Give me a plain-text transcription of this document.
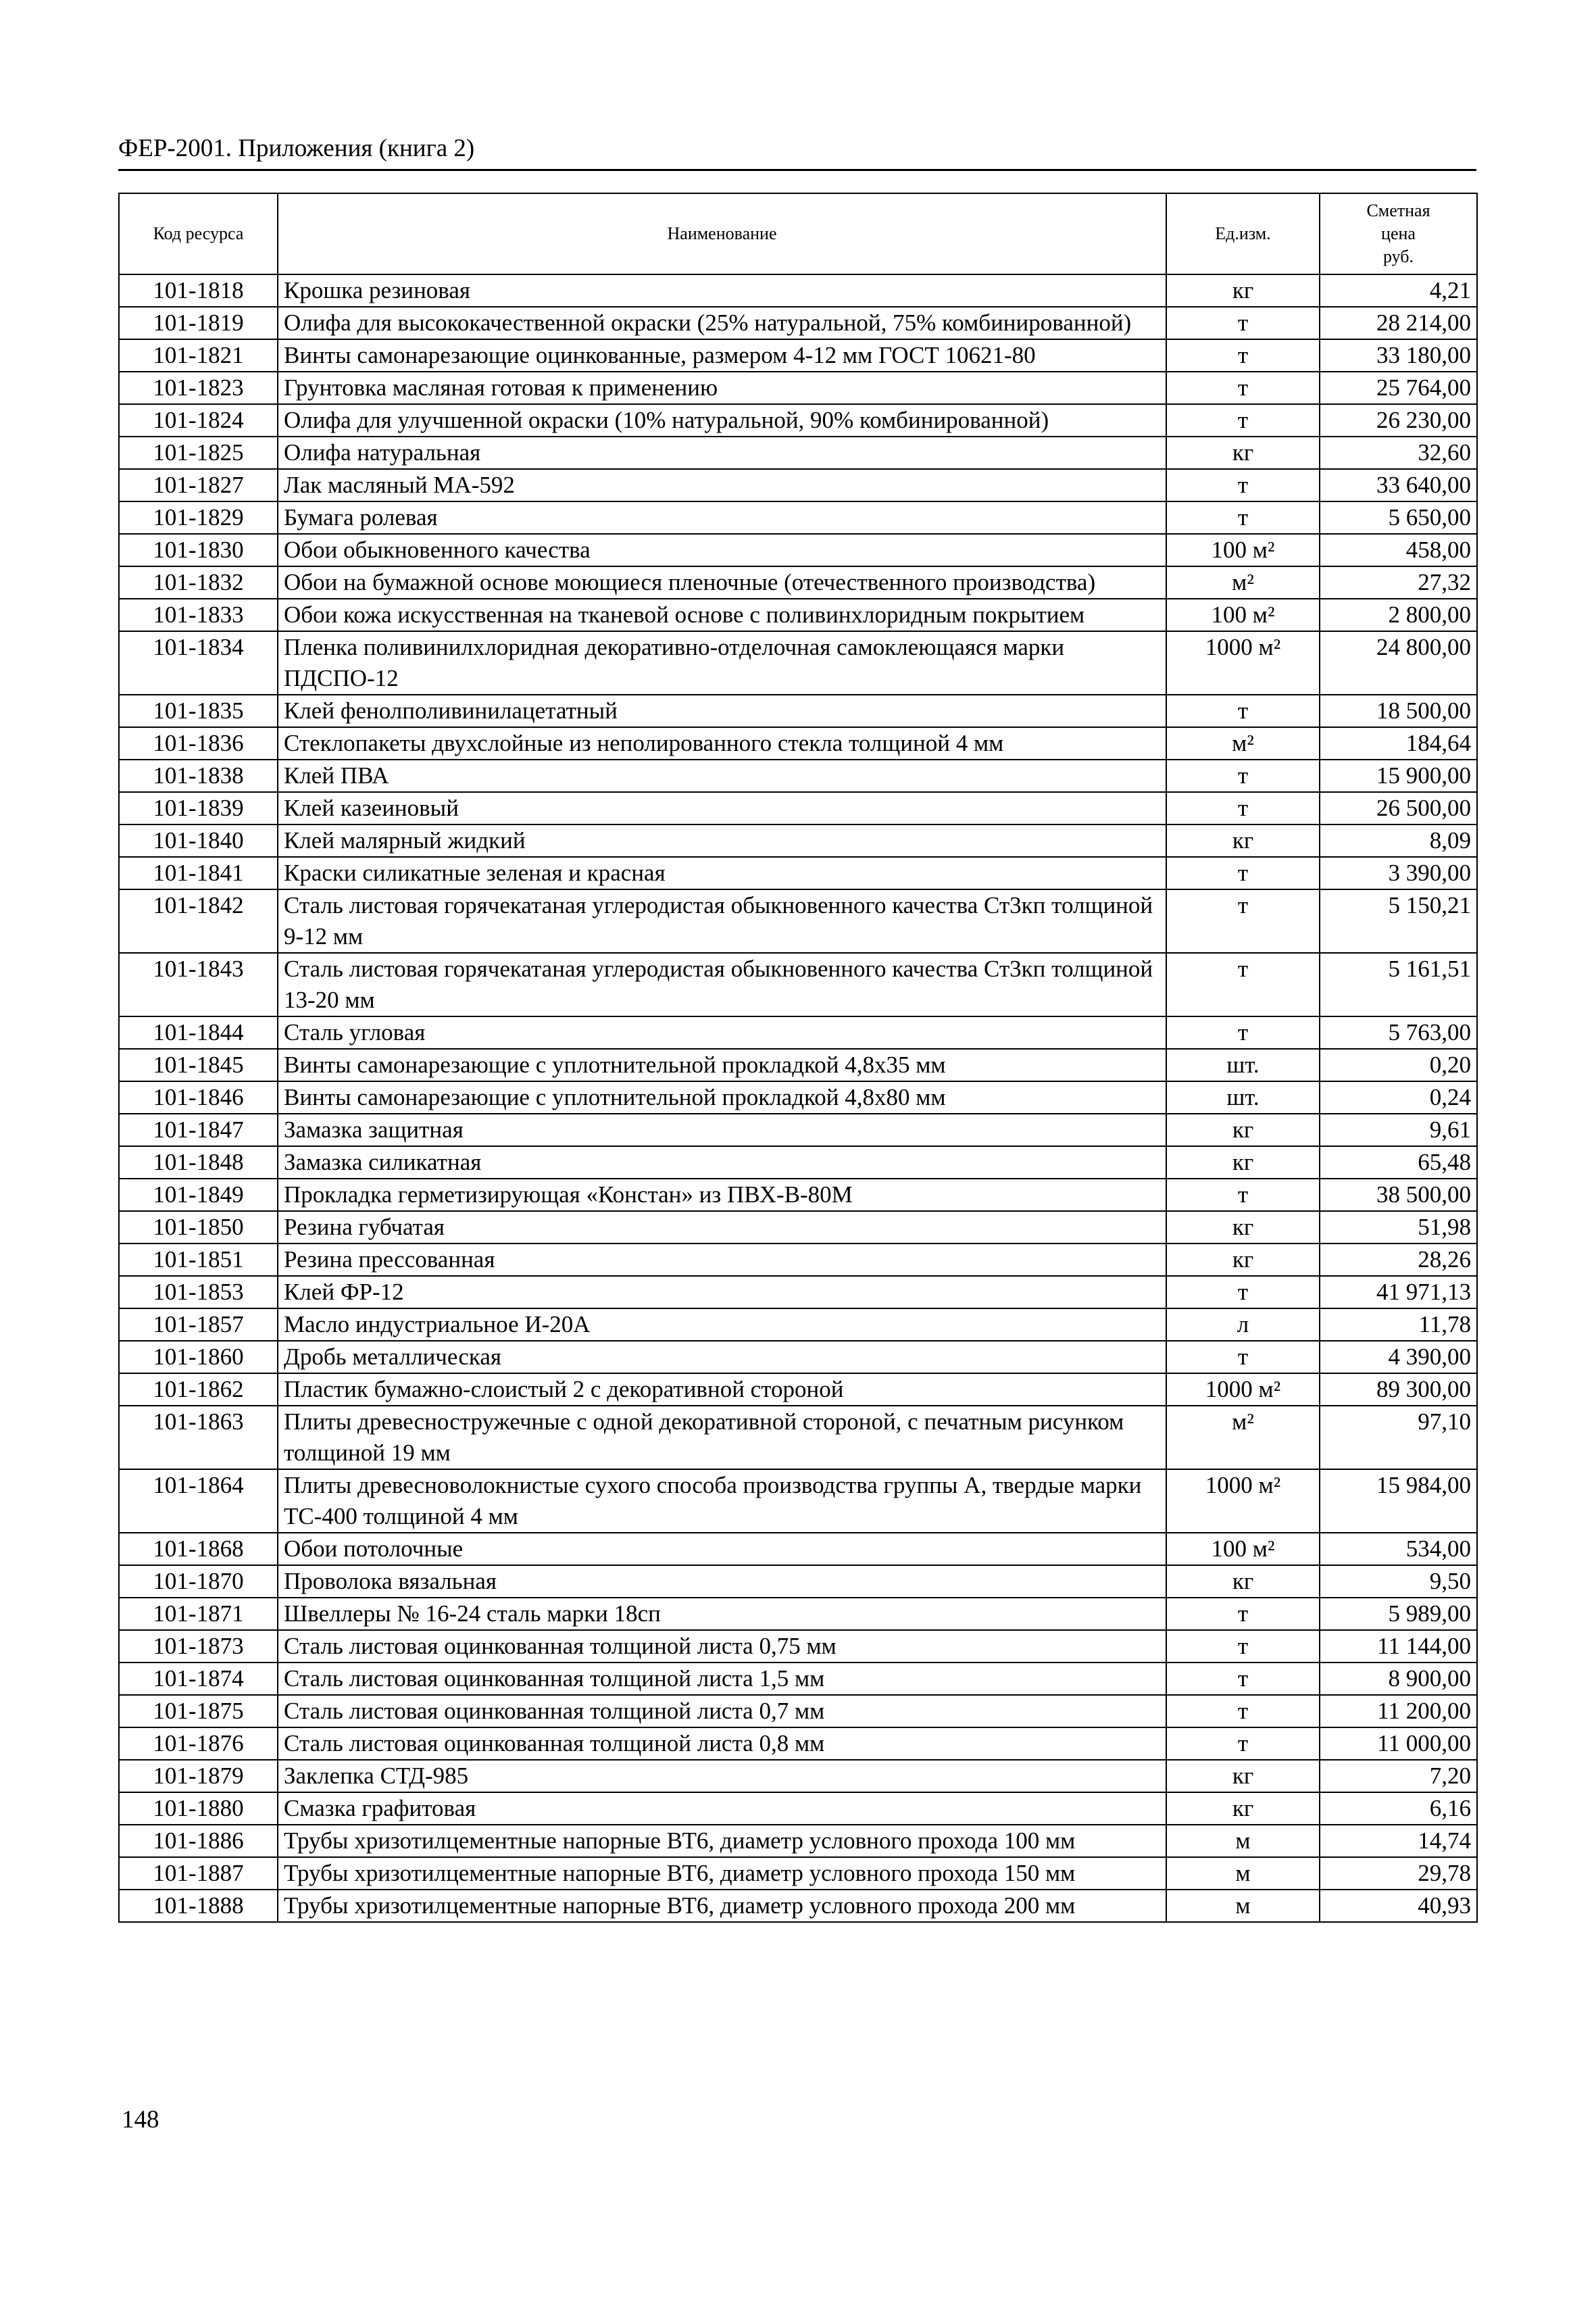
ФЕР-2001. Приложения (книга 2)
Код ресурса	Наименование	Ед.изм.	Сметная
цена
руб.
101-1818	Крошка резиновая	кг	4,21
101-1819	Олифа для высококачественной окраски (25% натуральной, 75% комбинированной)	т	28 214,00
101-1821	Винты самонарезающие оцинкованные, размером 4-12 мм ГОСТ 10621-80	т	33 180,00
101-1823	Грунтовка масляная готовая к применению	т	25 764,00
101-1824	Олифа для улучшенной окраски (10% натуральной, 90% комбинированной)	т	26 230,00
101-1825	Олифа натуральная	кг	32,60
101-1827	Лак масляный МА-592	т	33 640,00
101-1829	Бумага ролевая	т	5 650,00
101-1830	Обои обыкновенного качества	100 м²	458,00
101-1832	Обои на бумажной основе моющиеся пленочные (отечественного производства)	м²	27,32
101-1833	Обои кожа искусственная на тканевой основе с поливинхлоридным покрытием	100 м²	2 800,00
101-1834	Пленка поливинилхлоридная декоративно-отделочная самоклеющаяся марки ПДСПО-12	1000 м²	24 800,00
101-1835	Клей фенолполивинилацетатный	т	18 500,00
101-1836	Стеклопакеты двухслойные из неполированного стекла толщиной 4 мм	м²	184,64
101-1838	Клей ПВА	т	15 900,00
101-1839	Клей казеиновый	т	26 500,00
101-1840	Клей малярный жидкий	кг	8,09
101-1841	Краски силикатные зеленая и красная	т	3 390,00
101-1842	Сталь листовая горячекатаная углеродистая обыкновенного качества Ст3кп толщиной 9-12 мм	т	5 150,21
101-1843	Сталь листовая горячекатаная углеродистая обыкновенного качества Ст3кп толщиной 13-20 мм	т	5 161,51
101-1844	Сталь угловая	т	5 763,00
101-1845	Винты самонарезающие с уплотнительной прокладкой 4,8x35 мм	шт.	0,20
101-1846	Винты самонарезающие с уплотнительной прокладкой 4,8x80 мм	шт.	0,24
101-1847	Замазка защитная	кг	9,61
101-1848	Замазка силикатная	кг	65,48
101-1849	Прокладка герметизирующая «Констан» из ПВХ-В-80М	т	38 500,00
101-1850	Резина губчатая	кг	51,98
101-1851	Резина прессованная	кг	28,26
101-1853	Клей ФР-12	т	41 971,13
101-1857	Масло индустриальное И-20А	л	11,78
101-1860	Дробь металлическая	т	4 390,00
101-1862	Пластик бумажно-слоистый 2 с декоративной стороной	1000 м²	89 300,00
101-1863	Плиты древесностружечные с одной декоративной стороной, с печатным рисунком толщиной 19 мм	м²	97,10
101-1864	Плиты древесноволокнистые сухого способа производства группы А, твердые марки ТС-400 толщиной 4 мм	1000 м²	15 984,00
101-1868	Обои потолочные	100 м²	534,00
101-1870	Проволока вязальная	кг	9,50
101-1871	Швеллеры № 16-24 сталь марки 18сп	т	5 989,00
101-1873	Сталь листовая оцинкованная толщиной листа 0,75 мм	т	11 144,00
101-1874	Сталь листовая оцинкованная толщиной листа 1,5 мм	т	8 900,00
101-1875	Сталь листовая оцинкованная толщиной листа 0,7 мм	т	11 200,00
101-1876	Сталь листовая оцинкованная толщиной листа 0,8 мм	т	11 000,00
101-1879	Заклепка СТД-985	кг	7,20
101-1880	Смазка графитовая	кг	6,16
101-1886	Трубы хризотилцементные напорные ВТ6, диаметр условного прохода 100 мм	м	14,74
101-1887	Трубы хризотилцементные напорные ВТ6, диаметр условного прохода 150 мм	м	29,78
101-1888	Трубы хризотилцементные напорные ВТ6, диаметр условного прохода 200 мм	м	40,93
148
